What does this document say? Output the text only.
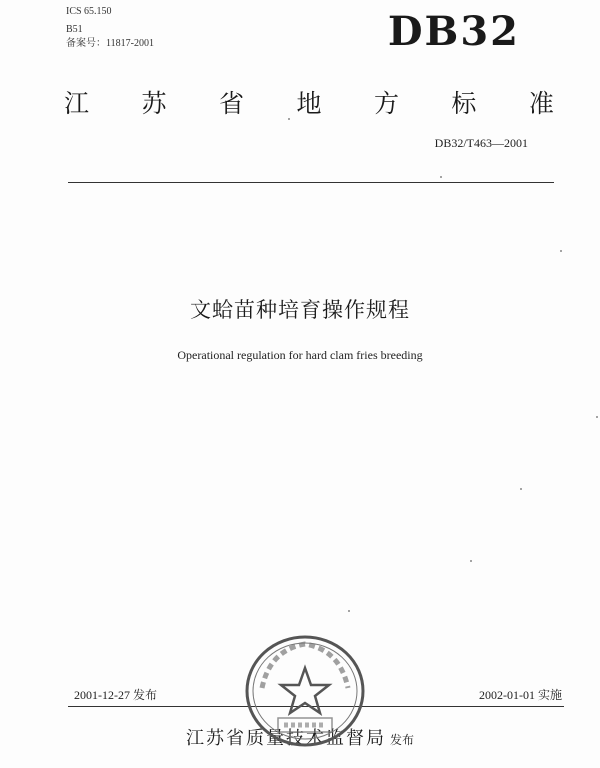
ICS 65.150
B51
备案号：11817-2001	DB32
江 苏 省 地 方 标 准
DB32/T463—2001
文蛤苗种培育操作规程
Operational regulation for hard clam fries breeding
2001-12-27 发布	2002-01-01 实施
江苏省质量技术监督局 发布
